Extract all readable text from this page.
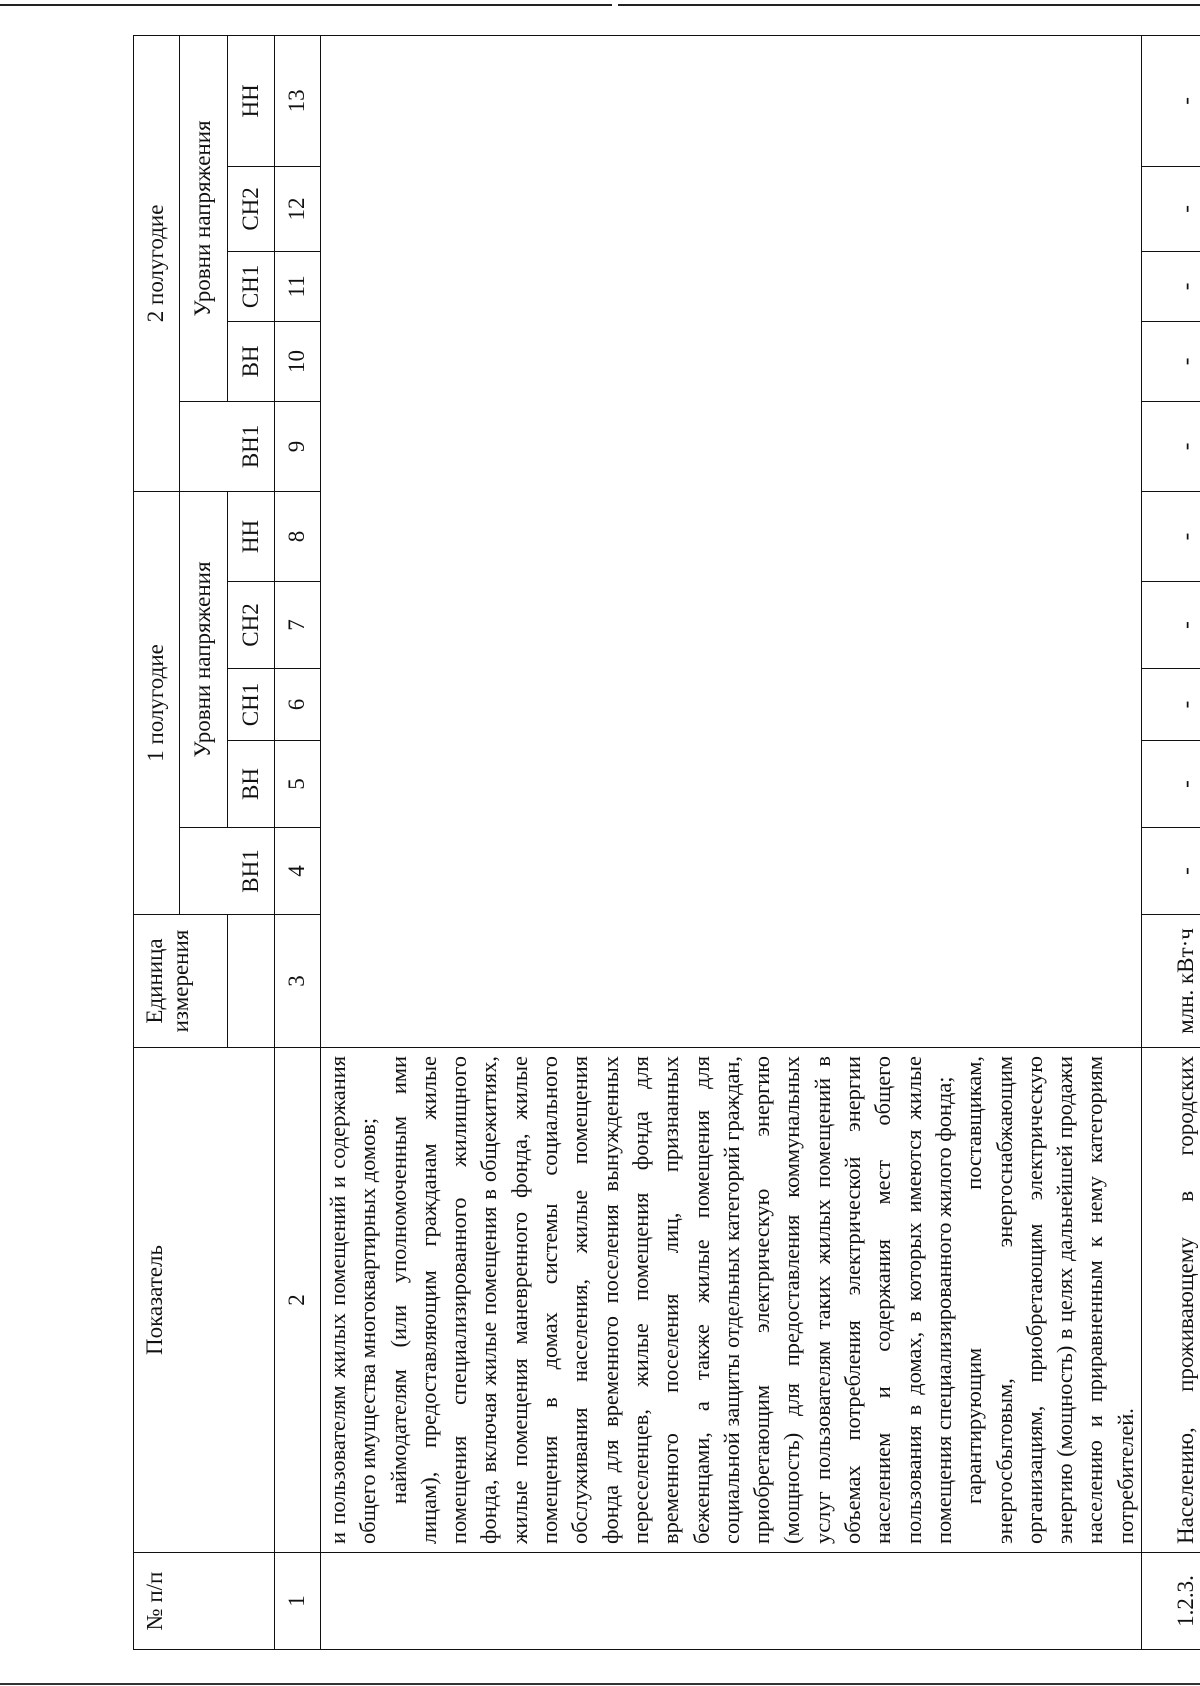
№ п/п	Показатель	Единица измерения	1 полугодие					2 полугодие				
				Уровни напряжения					Уровни напряжения			
			ВН1	ВН	СН1	СН2	НН	ВН1	ВН	СН1	СН2	НН
1	2	3	4	5	6	7	8	9	10	11	12	13

	и пользователям жилых помещений и содержания общего имущества многоквартирных домов; наймодателям (или уполномоченным ими лицам), предоставляющим гражданам жилые помещения специализированного жилищного фонда, включая жилые помещения в общежитиях, жилые помещения маневренного фонда, жилые помещения в домах системы социального обслуживания населения, жилые помещения фонда для временного поселения вынужденных переселенцев, жилые помещения фонда для временного поселения лиц, признанных беженцами, а также жилые помещения для социальной защиты отдельных категорий граждан, приобретающим электрическую энергию (мощность) для предоставления коммунальных услуг пользователям таких жилых помещений в объемах потребления электрической энергии населением и содержания мест общего пользования в домах, в которых имеются жилые помещения специализированного жилого фонда; гарантирующим поставщикам, энергосбытовым, энергоснабжающим организациям, приобретающим электрическую энергию (мощность) в целях дальнейшей продажи населению и приравненным к нему категориям потребителей.											

1.2.3.	Населению, проживающему в городских	млн. кВт·ч	-	-	-	-	-	-	-	-	-	-
